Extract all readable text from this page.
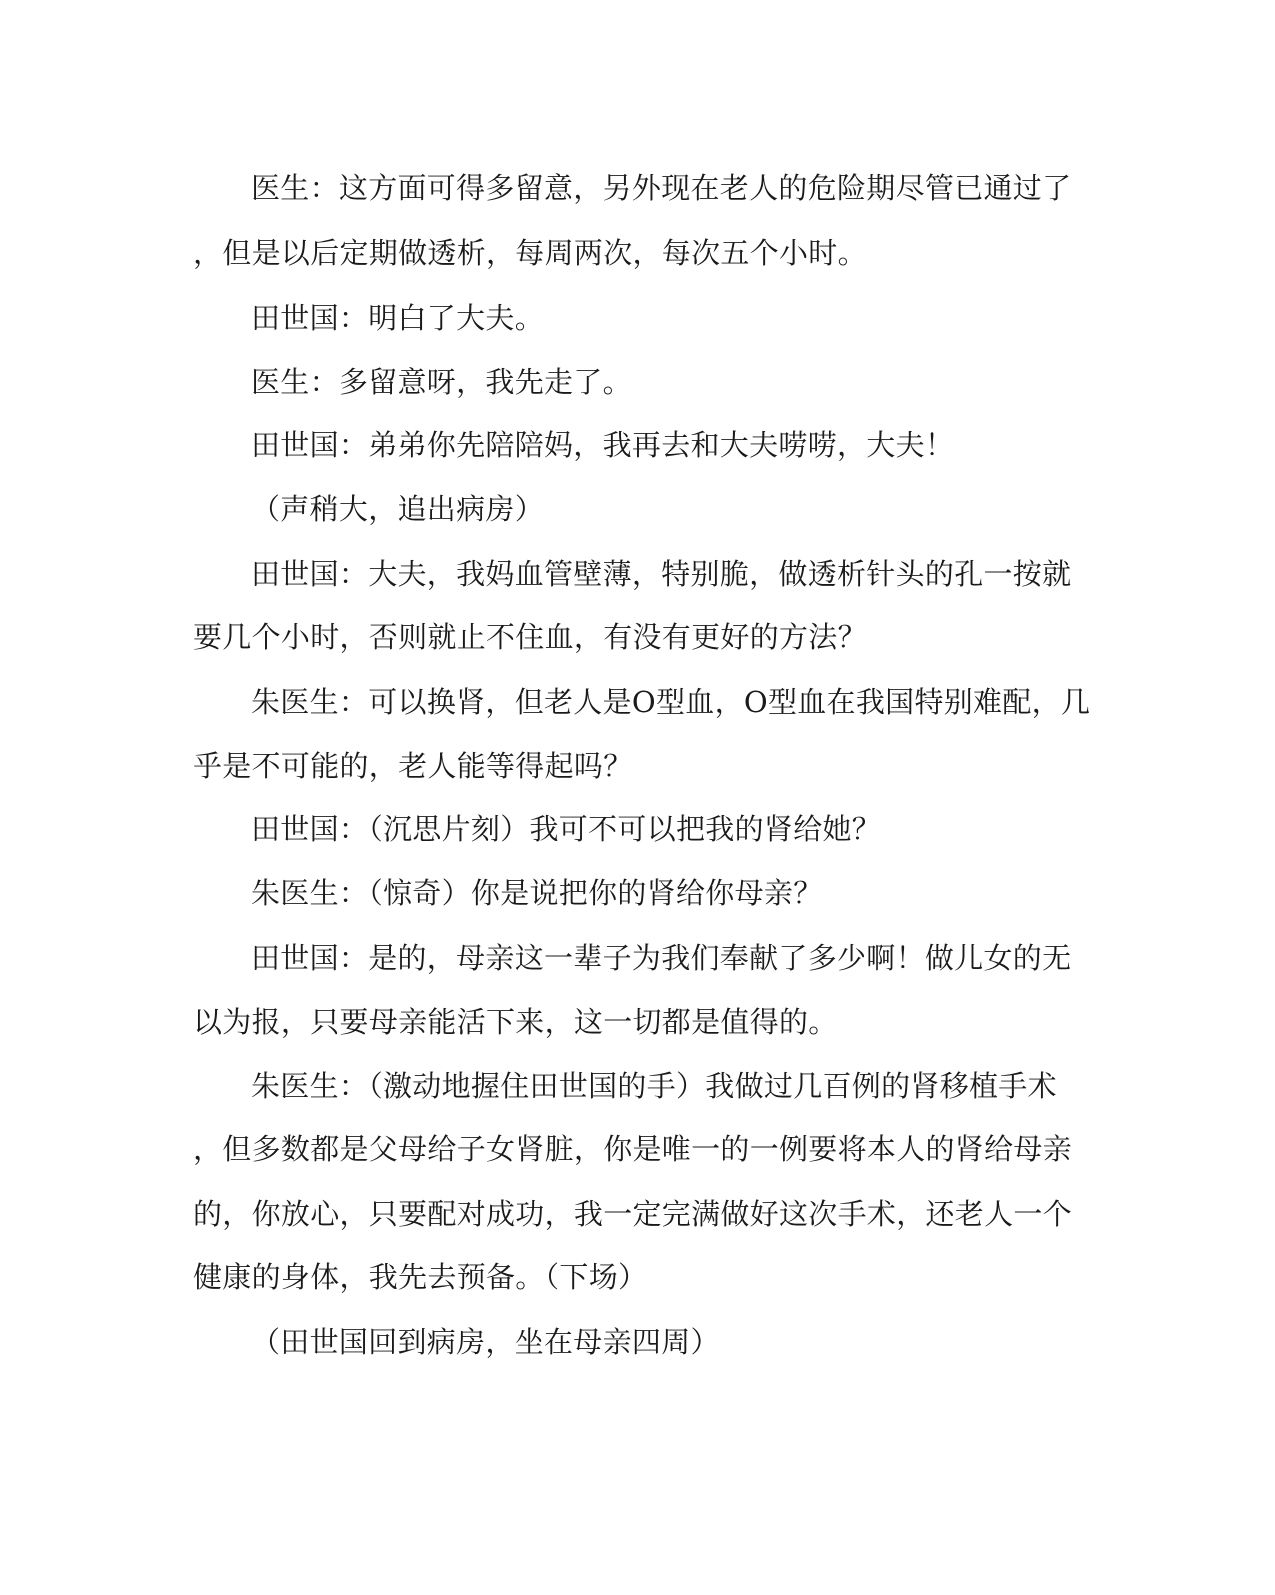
医生：这方面可得多留意，另外现在老人的危险期尽管已通过了
，但是以后定期做透析，每周两次，每次五个小时。
田世国：明白了大夫。
医生：多留意呀，我先走了。
田世国：弟弟你先陪陪妈，我再去和大夫唠唠，大夫！
（声稍大，追出病房）
田世国：大夫，我妈血管壁薄，特别脆，做透析针头的孔一按就
要几个小时，否则就止不住血，有没有更好的方法？
朱医生：可以换肾，但老人是O型血，O型血在我国特别难配，几
乎是不可能的，老人能等得起吗？
田世国：（沉思片刻）我可不可以把我的肾给她？
朱医生：（惊奇）你是说把你的肾给你母亲？
田世国：是的，母亲这一辈子为我们奉献了多少啊！做儿女的无
以为报，只要母亲能活下来，这一切都是值得的。
朱医生：（激动地握住田世国的手）我做过几百例的肾移植手术
，但多数都是父母给子女肾脏，你是唯一的一例要将本人的肾给母亲
的，你放心，只要配对成功，我一定完满做好这次手术，还老人一个
健康的身体，我先去预备。（下场）
（田世国回到病房，坐在母亲四周）
